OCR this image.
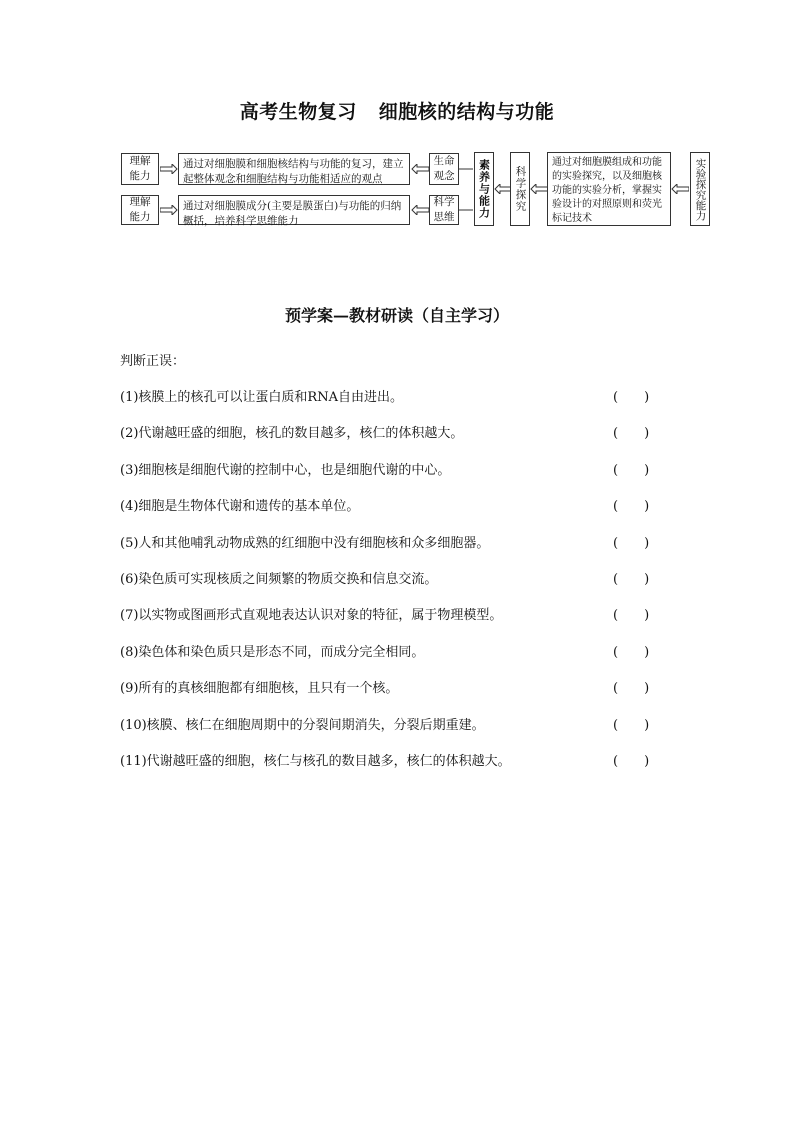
高考生物复习 细胞核的结构与功能
理解能力
通过对细胞膜和细胞核结构与功能的复习，建立起整体观念和细胞结构与功能相适应的观点
生命观念
理解能力
通过对细胞膜成分(主要是膜蛋白)与功能的归纳概括，培养科学思维能力
科学思维	素养与能力	科学探究
通过对细胞膜组成和功能的实验探究，以及细胞核功能的实验分析，掌握实验设计的对照原则和荧光标记技术	实验探究能力
预学案—教材研读（自主学习）
判断正误：
(1)核膜上的核孔可以让蛋白质和RNA自由进出。	(　　)
(2)代谢越旺盛的细胞，核孔的数目越多，核仁的体积越大。	(　　)
(3)细胞核是细胞代谢的控制中心，也是细胞代谢的中心。	(　　)
(4)细胞是生物体代谢和遗传的基本单位。	(　　)
(5)人和其他哺乳动物成熟的红细胞中没有细胞核和众多细胞器。	(　　)
(6)染色质可实现核质之间频繁的物质交换和信息交流。	(　　)
(7)以实物或图画形式直观地表达认识对象的特征，属于物理模型。	(　　)
(8)染色体和染色质只是形态不同，而成分完全相同。	(　　)
(9)所有的真核细胞都有细胞核，且只有一个核。	(　　)
(10)核膜、核仁在细胞周期中的分裂间期消失，分裂后期重建。	(　　)
(11)代谢越旺盛的细胞，核仁与核孔的数目越多，核仁的体积越大。	(　　)
